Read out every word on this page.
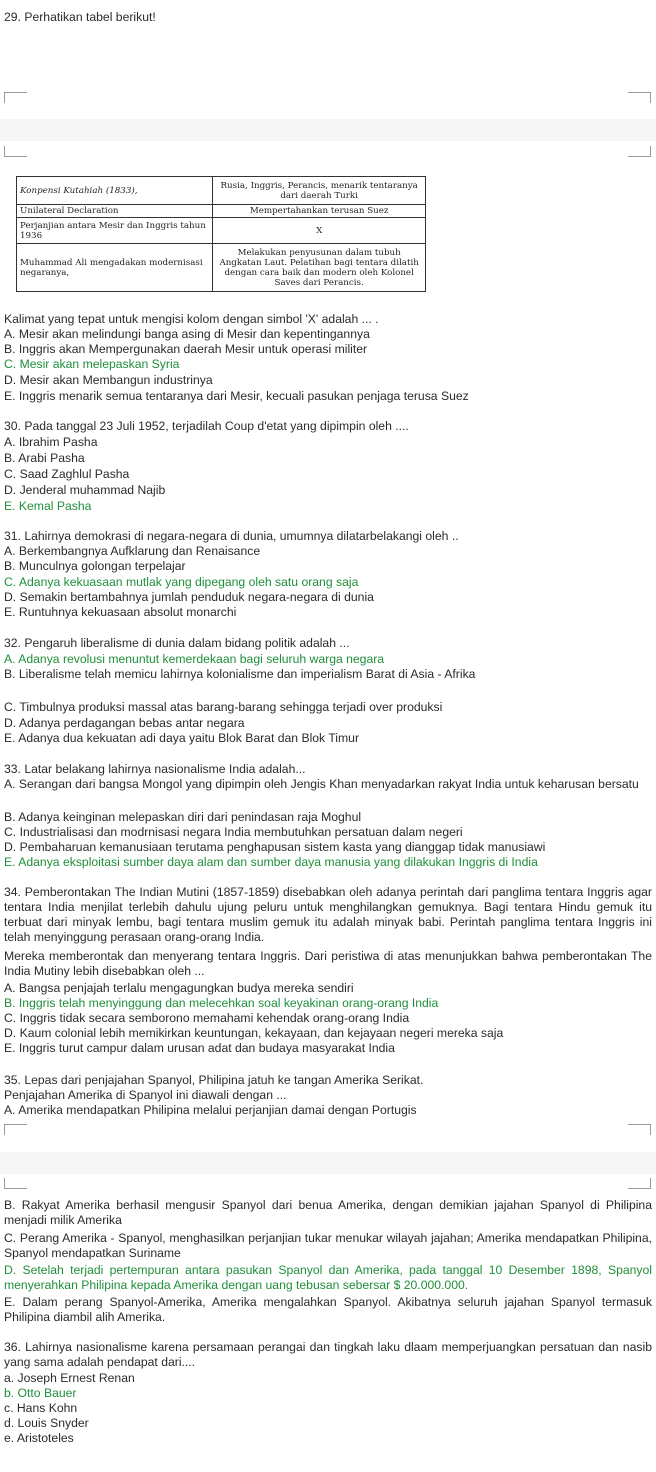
29. Perhatikan tabel berikut!
Konpensi Kutahiah (1833),	Rusia, Inggris, Perancis, menarik tentaranya dari daerah Turki
Unilateral Declaration	Mempertahankan terusan Suez
Perjanjian antara Mesir dan Inggris tahun 1936	X
Muhammad Ali mengadakan modernisasi negaranya,	Melakukan penyusunan dalam tubuh Angkatan Laut. Pelatihan bagi tentara dilatih dengan cara baik dan modern oleh Kolonel Saves dari Perancis.
Kalimat yang tepat untuk mengisi kolom dengan simbol 'X' adalah ... .
A. Mesir akan melindungi banga asing di Mesir dan kepentingannya
B. Inggris akan Mempergunakan daerah Mesir untuk operasi militer
C. Mesir akan melepaskan Syria
D. Mesir akan Membangun industrinya
E. Inggris menarik semua tentaranya dari Mesir, kecuali pasukan penjaga terusa Suez
30. Pada tanggal 23 Juli 1952, terjadilah Coup d'etat yang dipimpin oleh ....
A. Ibrahim Pasha
B. Arabi Pasha
C. Saad Zaghlul Pasha
D. Jenderal muhammad Najib
E. Kemal Pasha
31. Lahirnya demokrasi di negara-negara di dunia, umumnya dilatarbelakangi oleh ..
A. Berkembangnya Aufklarung dan Renaisance
B. Munculnya golongan terpelajar
C. Adanya kekuasaan mutlak yang dipegang oleh satu orang saja
D. Semakin bertambahnya jumlah penduduk negara-negara di dunia
E. Runtuhnya kekuasaan absolut monarchi
32. Pengaruh liberalisme di dunia dalam bidang politik adalah ...
A. Adanya revolusi menuntut kemerdekaan bagi seluruh warga negara
B. Liberalisme telah memicu lahirnya kolonialisme dan imperialism Barat di Asia - Afrika
C. Timbulnya produksi massal atas barang-barang sehingga terjadi over produksi
D. Adanya perdagangan bebas antar negara
E. Adanya dua kekuatan adi daya yaitu Blok Barat dan Blok Timur
33. Latar belakang lahirnya nasionalisme India adalah...
A. Serangan dari bangsa Mongol yang dipimpin oleh Jengis Khan menyadarkan rakyat India untuk keharusan bersatu
B. Adanya keinginan melepaskan diri dari penindasan raja Moghul
C. Industrialisasi dan modrnisasi negara India membutuhkan persatuan dalam negeri
D. Pembaharuan kemanusiaan terutama penghapusan sistem kasta yang dianggap tidak manusiawi
E. Adanya eksploitasi sumber daya alam dan sumber daya manusia yang dilakukan Inggris di India
34. Pemberontakan The Indian Mutini (1857-1859) disebabkan oleh adanya perintah dari panglima tentara Inggris agar tentara India menjilat terlebih dahulu ujung peluru untuk menghilangkan gemuknya. Bagi tentara Hindu gemuk itu terbuat dari minyak lembu, bagi tentara muslim gemuk itu adalah minyak babi. Perintah panglima tentara Inggris ini telah menyinggung perasaan orang-orang India.
Mereka memberontak dan menyerang tentara Inggris. Dari peristiwa di atas menunjukkan bahwa pemberontakan The India Mutiny lebih disebabkan oleh ...
A. Bangsa penjajah terlalu mengagungkan budya mereka sendiri
B. Inggris telah menyinggung dan melecehkan soal keyakinan orang-orang India
C. Inggris tidak secara semborono memahami kehendak orang-orang India
D. Kaum colonial lebih memikirkan keuntungan, kekayaan, dan kejayaan negeri mereka saja
E. Inggris turut campur dalam urusan adat dan budaya masyarakat India
35. Lepas dari penjajahan Spanyol, Philipina jatuh ke tangan Amerika Serikat.
Penjajahan Amerika di Spanyol ini diawali dengan ...
A. Amerika mendapatkan Philipina melalui perjanjian damai dengan Portugis
B. Rakyat Amerika berhasil mengusir Spanyol dari benua Amerika, dengan demikian jajahan Spanyol di Philipina menjadi milik Amerika
C. Perang Amerika - Spanyol, menghasilkan perjanjian tukar menukar wilayah jajahan; Amerika mendapatkan Philipina, Spanyol mendapatkan Suriname
D. Setelah terjadi pertempuran antara pasukan Spanyol dan Amerika, pada tanggal 10 Desember 1898, Spanyol menyerahkan Philipina kepada Amerika dengan uang tebusan sebersar $ 20.000.000.
E. Dalam perang Spanyol-Amerika, Amerika mengalahkan Spanyol. Akibatnya seluruh jajahan Spanyol termasuk Philipina diambil alih Amerika.
36. Lahirnya nasionalisme karena persamaan perangai dan tingkah laku dlaam memperjuangkan persatuan dan nasib yang sama adalah pendapat dari....
a. Joseph Ernest Renan
b. Otto Bauer
c. Hans Kohn
d. Louis Snyder
e. Aristoteles
